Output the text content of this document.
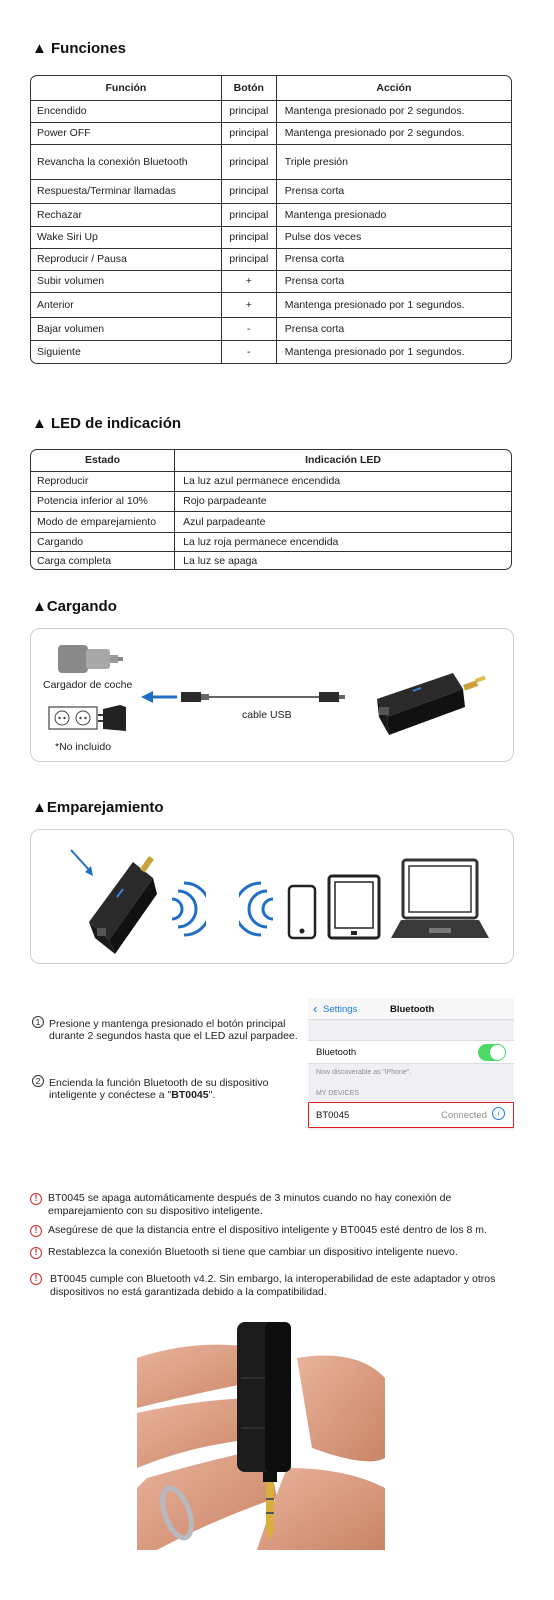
▲ Funciones
Función	Botón	Acción
Encendido	principal	Mantenga presionado por 2 segundos.
Power OFF	principal	Mantenga presionado por 2 segundos.
Revancha la conexión Bluetooth	principal	Triple presión
Respuesta/Terminar llamadas	principal	Prensa corta
Rechazar	principal	Mantenga presionado
Wake Siri Up	principal	Pulse dos veces
Reproducir / Pausa	principal	Prensa corta
Subir volumen	+	Prensa corta
Anterior	+	Mantenga presionado por 1 segundos.
Bajar volumen	-	Prensa corta
Siguiente	-	Mantenga presionado por 1 segundos.
▲ LED de indicación
Estado	Indicación LED
Reproducir	La luz azul permanece encendida
Potencia inferior al 10%	Rojo parpadeante
Modo de emparejamiento	Azul parpadeante
Cargando	La luz roja permanece encendida
Carga completa	La luz se apaga
▲Cargando
Cargador de coche
*No incluido
cable USB
▲Emparejamiento
1 Presione y mantenga presionado el botón principal durante 2 segundos hasta que el LED azul parpadee.
2 Encienda la función Bluetooth de su dispositivo inteligente y conéctese a "BT0045".
‹ Settings	Bluetooth
Bluetooth
Now discoverable as "iPhone".
MY DEVICES
BT0045	Connected	i
!	BT0045 se apaga automáticamente después de 3 minutos cuando no hay conexión de emparejamiento con su dispositivo inteligente.
!	Asegúrese de que la distancia entre el dispositivo inteligente y BT0045 esté dentro de los 8 m.
!	Restablezca la conexión Bluetooth si tiene que cambiar un dispositivo inteligente nuevo.
!	BT0045 cumple con Bluetooth v4.2. Sin embargo, la interoperabilidad de este adaptador y otros dispositivos no está garantizada debido a la compatibilidad.
